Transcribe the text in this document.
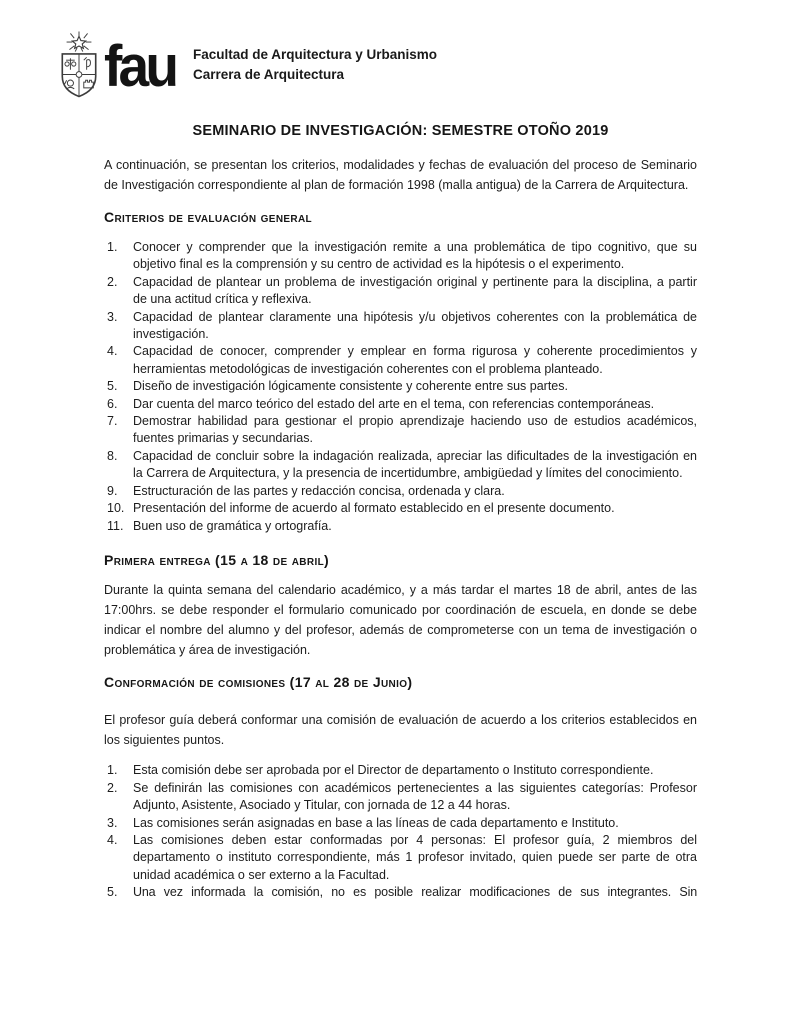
fau Facultad de Arquitectura y Urbanismo
Carrera de Arquitectura
SEMINARIO DE INVESTIGACIÓN: SEMESTRE OTOÑO 2019

A continuación, se presentan los criterios, modalidades y fechas de evaluación del proceso de Seminario de Investigación correspondiente al plan de formación 1998 (malla antigua) de la Carrera de Arquitectura.

Criterios de evaluación general
1.	Conocer y comprender que la investigación remite a una problemática de tipo cognitivo, que su objetivo final es la comprensión y su centro de actividad es la hipótesis o el experimento.
2.	Capacidad de plantear un problema de investigación original y pertinente para la disciplina, a partir de una actitud crítica y reflexiva.
3.	Capacidad de plantear claramente una hipótesis y/u objetivos coherentes con la problemática de investigación.
4.	Capacidad de conocer, comprender y emplear en forma rigurosa y coherente procedimientos y herramientas metodológicas de investigación coherentes con el problema planteado.
5.	Diseño de investigación lógicamente consistente y coherente entre sus partes.
6.	Dar cuenta del marco teórico del estado del arte en el tema, con referencias contemporáneas.
7.	Demostrar habilidad para gestionar el propio aprendizaje haciendo uso de estudios académicos, fuentes primarias y secundarias.
8.	Capacidad de concluir sobre la indagación realizada, apreciar las dificultades de la investigación en la Carrera de Arquitectura, y la presencia de incertidumbre, ambigüedad y límites del conocimiento.
9.	Estructuración de las partes y redacción concisa, ordenada y clara.
10. Presentación del informe de acuerdo al formato establecido en el presente documento.
11. Buen uso de gramática y ortografía.
Primera entrega (15 a 18 de abril)

Durante la quinta semana del calendario académico, y a más tardar el martes 18 de abril, antes de las 17:00hrs. se debe responder el formulario comunicado por coordinación de escuela, en donde se debe indicar el nombre del alumno y del profesor, además de comprometerse con un tema de investigación o problemática y área de investigación.

Conformación de comisiones (17 al 28 de Junio)

El profesor guía deberá conformar una comisión de evaluación de acuerdo a los criterios establecidos en los siguientes puntos.

1.	Esta comisión debe ser aprobada por el Director de departamento o Instituto correspondiente.
2.	Se definirán las comisiones con académicos pertenecientes a las siguientes categorías: Profesor Adjunto, Asistente, Asociado y Titular, con jornada de 12 a 44 horas.
3.	Las comisiones serán asignadas en base a las líneas de cada departamento e Instituto.
4.	Las comisiones deben estar conformadas por 4 personas: El profesor guía, 2 miembros del departamento o instituto correspondiente, más 1 profesor invitado, quien puede ser parte de otra unidad académica o ser externo a la Facultad.
5.	Una vez informada la comisión, no es posible realizar modificaciones de sus integrantes. Sin
